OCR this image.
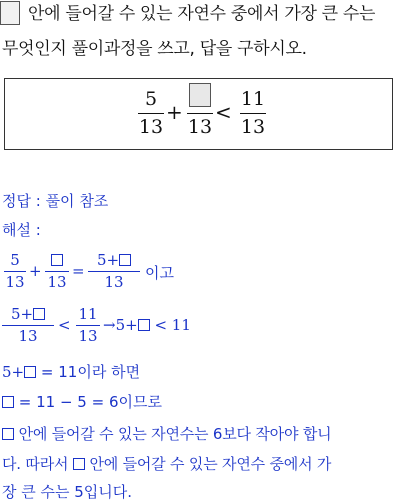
안에 들어갈 수 있는 자연수 중에서 가장 큰 수는
무엇인지 풀이과정을 쓰고, 답을 구하시오.
5
13
+
13
<
11
13
정답 : 풀이 참조
해설 :
5
13
+
13
=
5+
13	이고
5+
13
<
11
13
→5+ < 11
5+ = 11이라 하면
= 11 − 5 = 6이므로
안에 들어갈 수 있는 자연수는 6보다 작아야 합니
다. 따라서 안에 들어갈 수 있는 자연수 중에서 가
장 큰 수는 5입니다.
